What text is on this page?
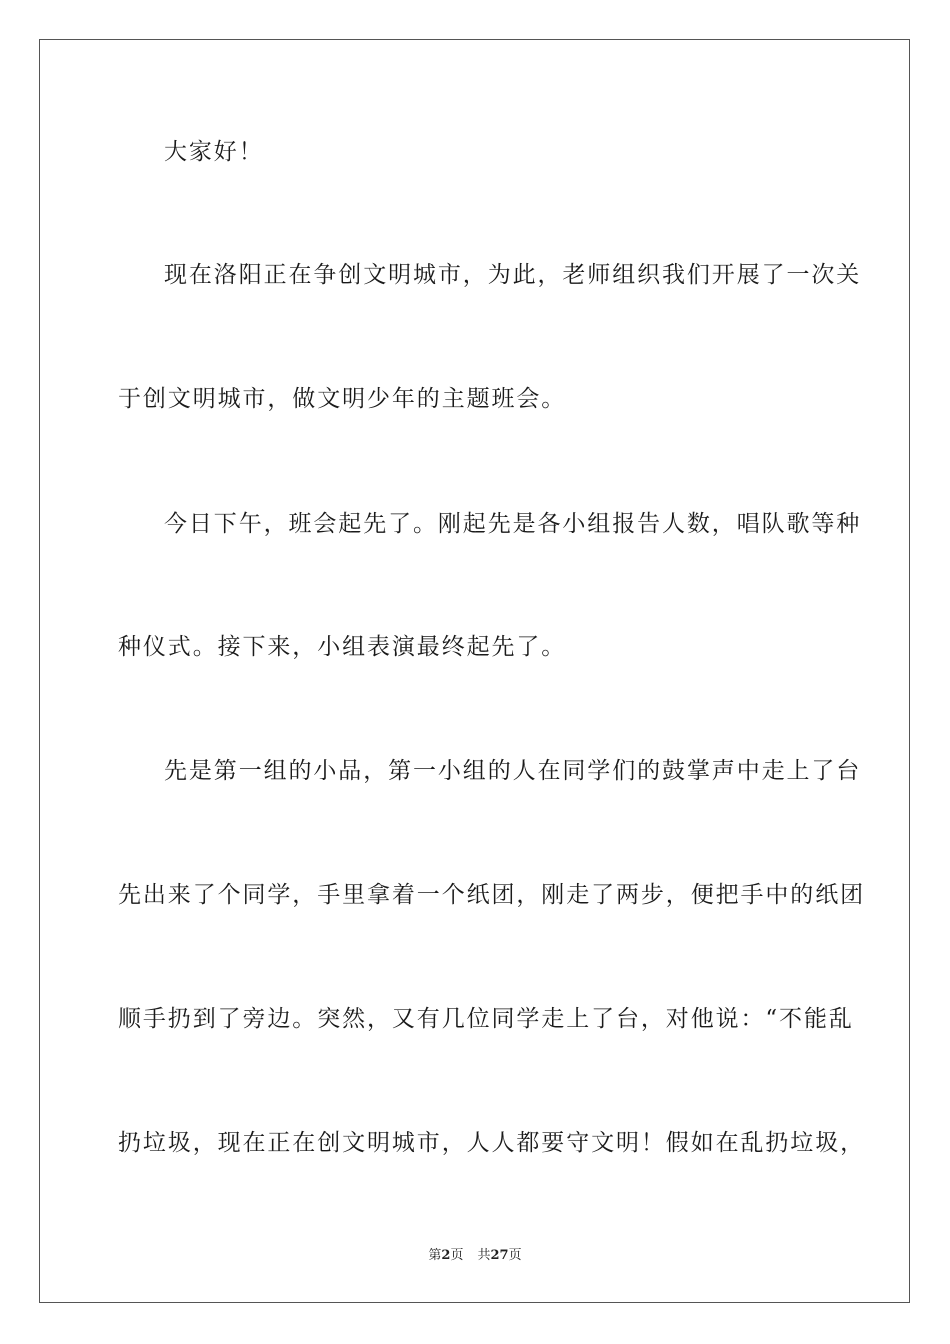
大家好！
现在洛阳正在争创文明城市，为此，老师组织我们开展了一次关
于创文明城市，做文明少年的主题班会。
今日下午，班会起先了。刚起先是各小组报告人数，唱队歌等种
种仪式。接下来，小组表演最终起先了。
先是第一组的小品，第一小组的人在同学们的鼓掌声中走上了台
先出来了个同学，手里拿着一个纸团，刚走了两步，便把手中的纸团
顺手扔到了旁边。突然，又有几位同学走上了台，对他说：“不能乱
扔垃圾，现在正在创文明城市，人人都要守文明！假如在乱扔垃圾，
第2页 共27页
